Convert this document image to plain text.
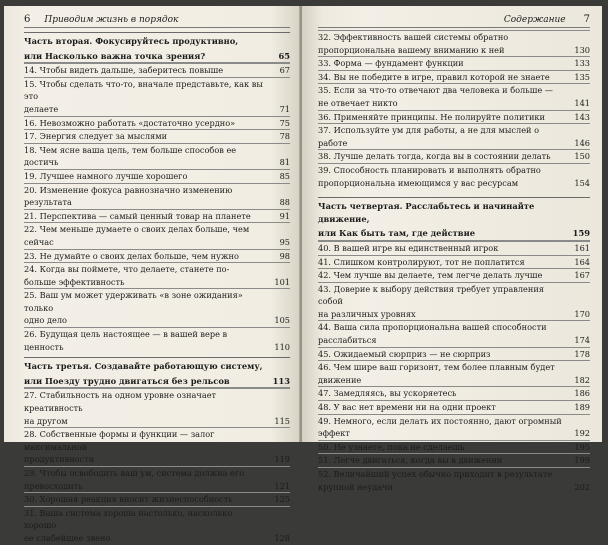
6 Приводим жизнь в порядок
Часть вторая. Фокусируйтесь продуктивно,
или Насколько важна точка зрения?	65
14. Чтобы видеть дальше, заберитесь повыше	67
15. Чтобы сделать что-то, вначале представьте, как вы это
делаете	71
16. Невозможно работать «достаточно усердно»	75
17. Энергия следует за мыслями	78
18. Чем ясне ваша цель, тем больше способов ее достичь	81
19. Лучшее намного лучше хорошего	85
20. Изменение фокуса равнозначно изменению
результата	88
21. Перспектива — самый ценный товар на планете	91
22. Чем меньше думаете о своих делах больше, чем сейчас	95
23. Не думайте о своих делах больше, чем нужно	98
24. Когда вы поймете, что делаете, станете по-
больше эффективность	101
25. Ваш ум может удерживать «в зоне ожидания» только
одно дело	105
26. Будущая цель настоящее — в вашей вере в
ценность	110
Часть третья. Создавайте работающую систему,
или Поезду трудно двигаться без рельсов	113
27. Стабильность на одном уровне означает креативность
на другом	115
28. Собственные формы и функции — залог максимальной
продуктивности	119
29. Чтобы освободить ваш ум, система должна его
превосходить	121
30. Хорошая реакция вносит жизнеспособность	125
31. Ваша система хороша настолько, насколько хорошо
ее слабейшее звено	128
Содержание 7
32. Эффективность вашей системы обратно
пропорциональна вашему вниманию к ней	130
33. Форма — фундамент функции	133
34. Вы не победите в игре, правил которой не знаете	135
35. Если за что-то отвечают два человека и больше —
не отвечает никто	141
36. Применяйте принципы. Не полируйте политики	143
37. Используйте ум для работы, а не для мыслей о работе	146
38. Лучше делать тогда, когда вы в состоянии делать	150
39. Способность планировать и выполнять обратно
пропорциональна имеющимся у вас ресурсам	154
Часть четвертая. Расслабьтесь и начинайте движение,
или Как быть там, где действие	159
40. В вашей игре вы единственный игрок	161
41. Слишком контролируют, тот не поплатится	164
42. Чем лучше вы делаете, тем легче делать лучше	167
43. Доверие к выбору действия требует управления собой
на различных уровнях	170
44. Ваша сила пропорциональна вашей способности
расслабиться	174
45. Ожидаемый сюрприз — не сюрприз	178
46. Чем шире ваш горизонт, тем более плавным будет
движение	182
47. Замедляясь, вы ускоряетесь	186
48. У вас нет времени ни на одни проект	189
49. Немного, если делать их постоянно, дают огромный
эффект	192
50. Не узнаете, пока не сделаешь	195
51. Легче двигаться, когда вы в движении	199
52. Величайший успех обычно приходит в результате
крупной неудачи	202
